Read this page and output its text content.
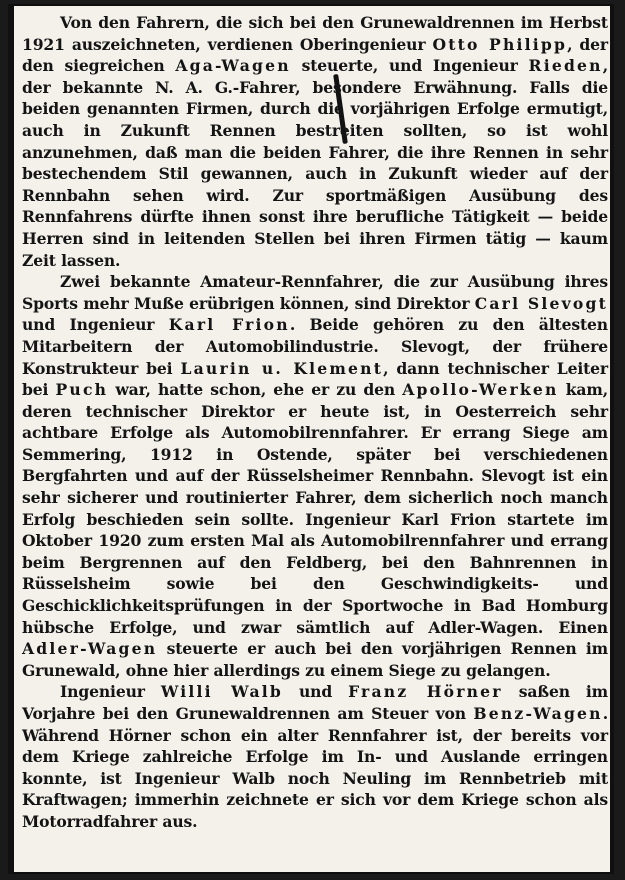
Von den Fahrern, die sich bei den Grunewaldrennen im Herbst 1921 auszeichneten, verdienen Oberingenieur Otto Philipp, der den siegreichen Aga-Wagen steuerte, und Ingenieur Rieden, der bekannte N. A. G.-Fahrer, besondere Erwähnung. Falls die beiden genannten Firmen, durch die vorjährigen Erfolge ermutigt, auch in Zukunft Rennen bestreiten sollten, so ist wohl anzunehmen, daß man die beiden Fahrer, die ihre Rennen in sehr bestechendem Stil gewannen, auch in Zukunft wieder auf der Rennbahn sehen wird. Zur sportmäßigen Ausübung des Rennfahrens dürfte ihnen sonst ihre berufliche Tätigkeit — beide Herren sind in leitenden Stellen bei ihren Firmen tätig — kaum Zeit lassen.

Zwei bekannte Amateur-Rennfahrer, die zur Ausübung ihres Sports mehr Muße erübrigen können, sind Direktor Carl Slevogt und Ingenieur Karl Frion. Beide gehören zu den ältesten Mitarbeitern der Automobilindustrie. Slevogt, der frühere Konstrukteur bei Laurin u. Klement, dann technischer Leiter bei Puch war, hatte schon, ehe er zu den Apollo-Werken kam, deren technischer Direktor er heute ist, in Oesterreich sehr achtbare Erfolge als Automobilrennfahrer. Er errang Siege am Semmering, 1912 in Ostende, später bei verschiedenen Bergfahrten und auf der Rüsselsheimer Rennbahn. Slevogt ist ein sehr sicherer und routinierter Fahrer, dem sicherlich noch manch Erfolg beschieden sein sollte. Ingenieur Karl Frion startete im Oktober 1920 zum ersten Mal als Automobilrennfahrer und errang beim Bergrennen auf den Feldberg, bei den Bahnrennen in Rüsselsheim sowie bei den Geschwindigkeits- und Geschicklichkeitsprüfungen in der Sportwoche in Bad Homburg hübsche Erfolge, und zwar sämtlich auf Adler-Wagen. Einen Adler-Wagen steuerte er auch bei den vorjährigen Rennen im Grunewald, ohne hier allerdings zu einem Siege zu gelangen.

Ingenieur Willi Walb und Franz Hörner saßen im Vorjahre bei den Grunewaldrennen am Steuer von Benz-Wagen. Während Hörner schon ein alter Rennfahrer ist, der bereits vor dem Kriege zahlreiche Erfolge im In- und Auslande erringen konnte, ist Ingenieur Walb noch Neuling im Rennbetrieb mit Kraftwagen; immerhin zeichnete er sich vor dem Kriege schon als Motorradfahrer aus.
